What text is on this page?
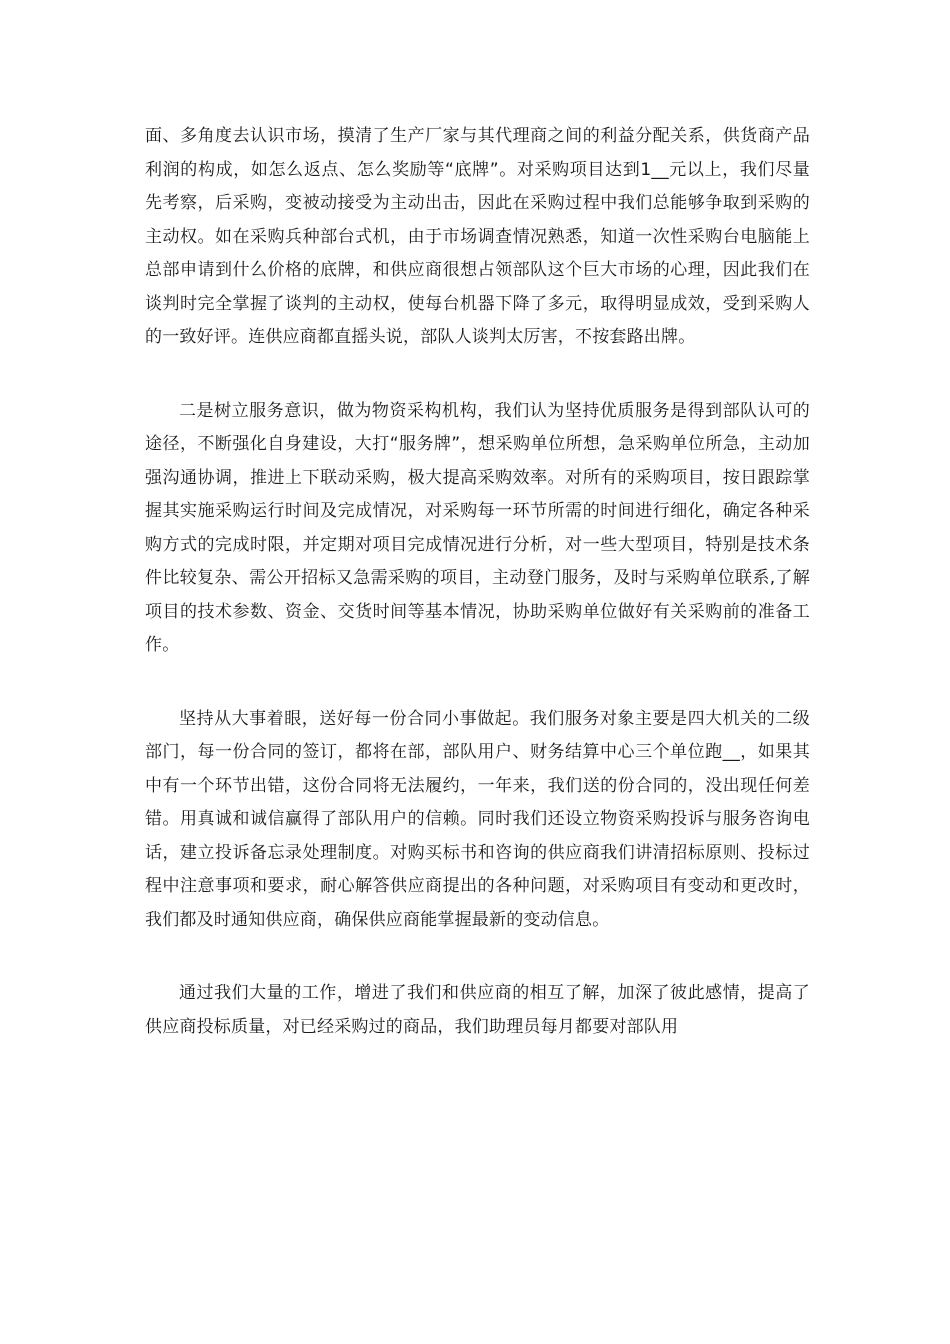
面、多角度去认识市场，摸清了生产厂家与其代理商之间的利益分配关系，供货商产品利润的构成，如怎么返点、怎么奖励等“底牌”。对采购项目达到1__元以上，我们尽量先考察，后采购，变被动接受为主动出击，因此在采购过程中我们总能够争取到采购的主动权。如在采购兵种部台式机，由于市场调查情况熟悉，知道一次性采购台电脑能上总部申请到什么价格的底牌，和供应商很想占领部队这个巨大市场的心理，因此我们在谈判时完全掌握了谈判的主动权，使每台机器下降了多元，取得明显成效，受到采购人的一致好评。连供应商都直摇头说，部队人谈判太厉害，不按套路出牌。

二是树立服务意识，做为物资采构机构，我们认为坚持优质服务是得到部队认可的途径，不断强化自身建设，大打“服务牌”，想采购单位所想，急采购单位所急，主动加强沟通协调，推进上下联动采购，极大提高采购效率。对所有的采购项目，按日跟踪掌握其实施采购运行时间及完成情况，对采购每一环节所需的时间进行细化，确定各种采购方式的完成时限，并定期对项目完成情况进行分析，对一些大型项目，特别是技术条件比较复杂、需公开招标又急需采购的项目，主动登门服务，及时与采购单位联系,了解项目的技术参数、资金、交货时间等基本情况，协助采购单位做好有关采购前的准备工作。

坚持从大事着眼，送好每一份合同小事做起。我们服务对象主要是四大机关的二级部门，每一份合同的签订，都将在部，部队用户、财务结算中心三个单位跑__，如果其中有一个环节出错，这份合同将无法履约，一年来，我们送的份合同的，没出现任何差错。用真诚和诚信赢得了部队用户的信赖。同时我们还设立物资采购投诉与服务咨询电话，建立投诉备忘录处理制度。对购买标书和咨询的供应商我们讲清招标原则、投标过程中注意事项和要求，耐心解答供应商提出的各种问题，对采购项目有变动和更改时，我们都及时通知供应商，确保供应商能掌握最新的变动信息。

通过我们大量的工作，增进了我们和供应商的相互了解，加深了彼此感情，提高了供应商投标质量，对已经采购过的商品，我们助理员每月都要对部队用
